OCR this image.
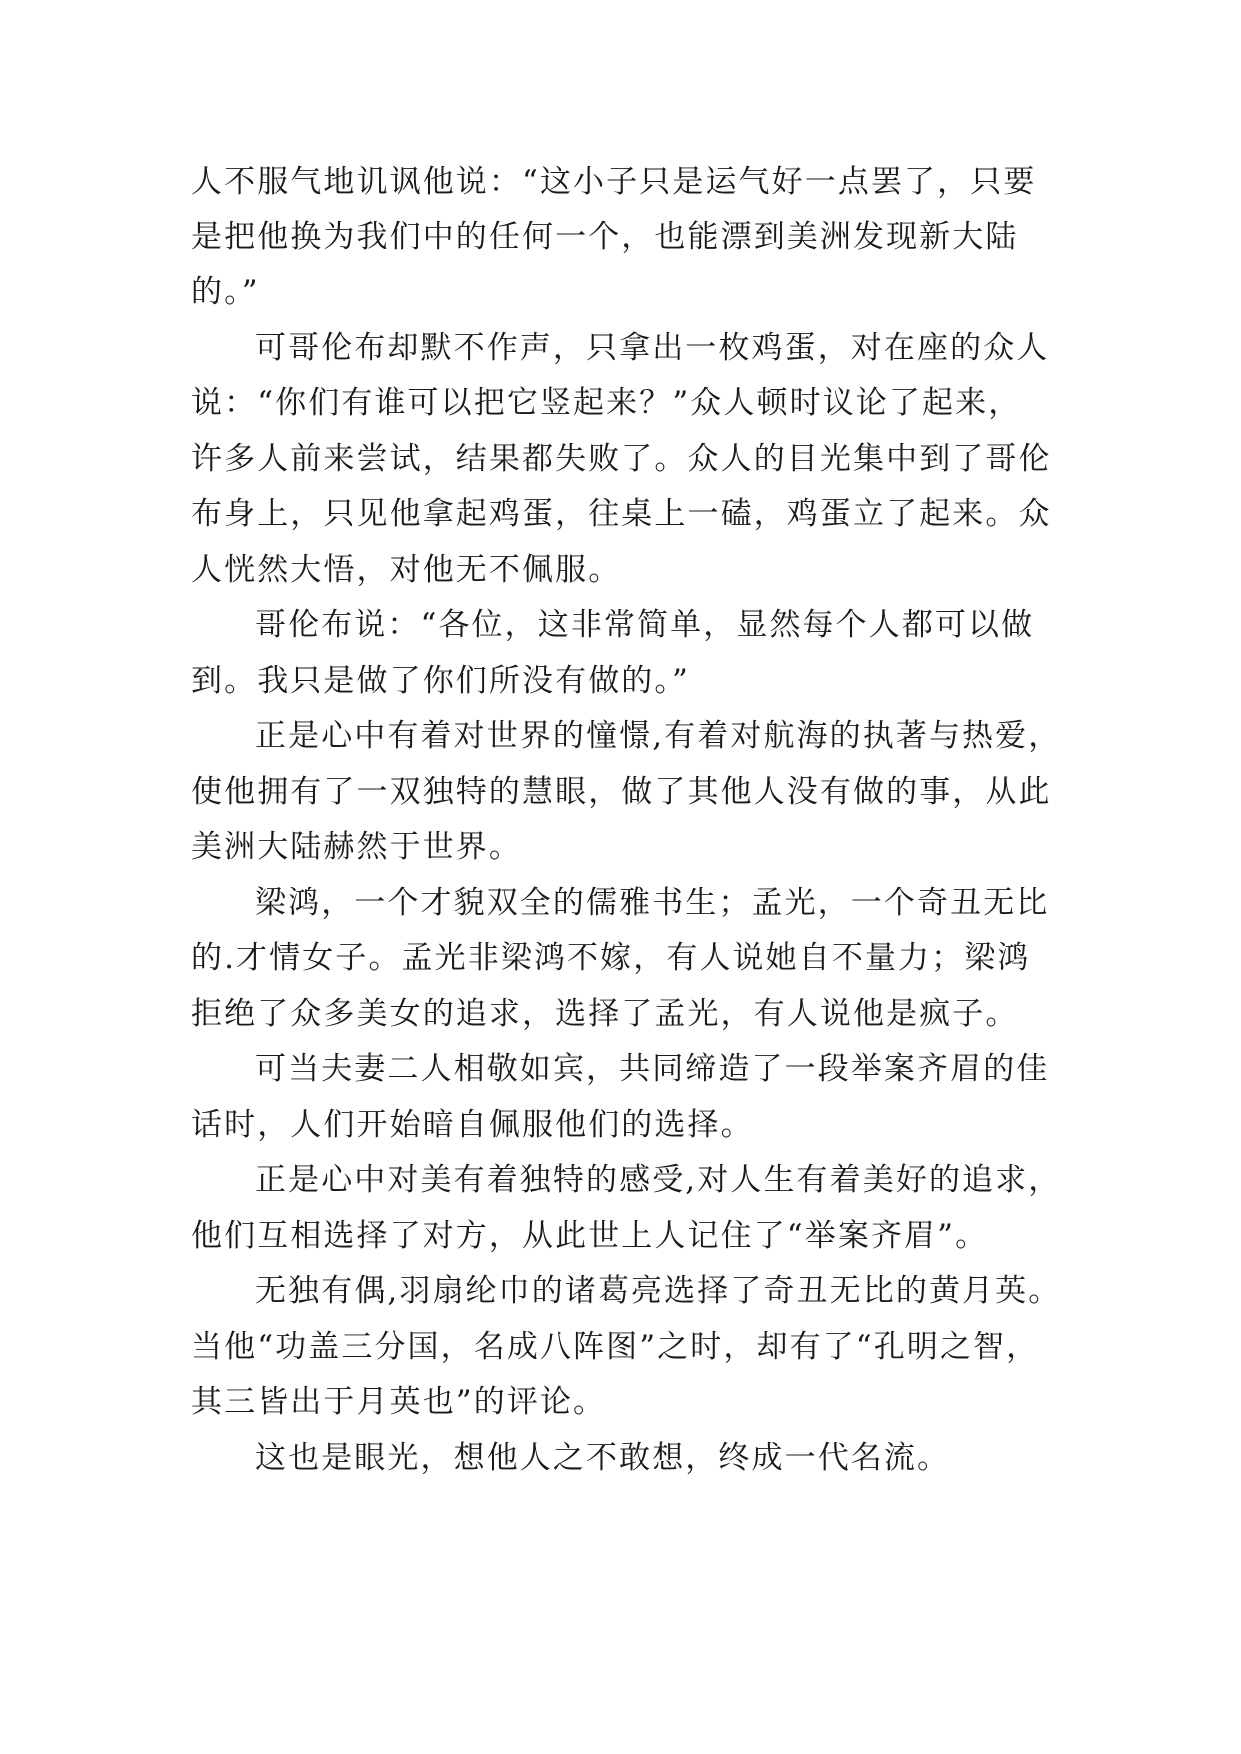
人不服气地讥讽他说：“这小子只是运气好一点罢了，只要
是把他换为我们中的任何一个，也能漂到美洲发现新大陆
的。”
可哥伦布却默不作声，只拿出一枚鸡蛋，对在座的众人
说：“你们有谁可以把它竖起来？”众人顿时议论了起来，
许多人前来尝试，结果都失败了。众人的目光集中到了哥伦
布身上，只见他拿起鸡蛋，往桌上一磕，鸡蛋立了起来。众
人恍然大悟，对他无不佩服。
哥伦布说：“各位，这非常简单，显然每个人都可以做
到。我只是做了你们所没有做的。”
正是心中有着对世界的憧憬,有着对航海的执著与热爱，
使他拥有了一双独特的慧眼，做了其他人没有做的事，从此
美洲大陆赫然于世界。
梁鸿，一个才貌双全的儒雅书生；孟光，一个奇丑无比
的.才情女子。孟光非梁鸿不嫁，有人说她自不量力；梁鸿
拒绝了众多美女的追求，选择了孟光，有人说他是疯子。
可当夫妻二人相敬如宾，共同缔造了一段举案齐眉的佳
话时，人们开始暗自佩服他们的选择。
正是心中对美有着独特的感受,对人生有着美好的追求，
他们互相选择了对方，从此世上人记住了“举案齐眉”。
无独有偶,羽扇纶巾的诸葛亮选择了奇丑无比的黄月英。
当他“功盖三分国，名成八阵图”之时，却有了“孔明之智，
其三皆出于月英也”的评论。
这也是眼光，想他人之不敢想，终成一代名流。
